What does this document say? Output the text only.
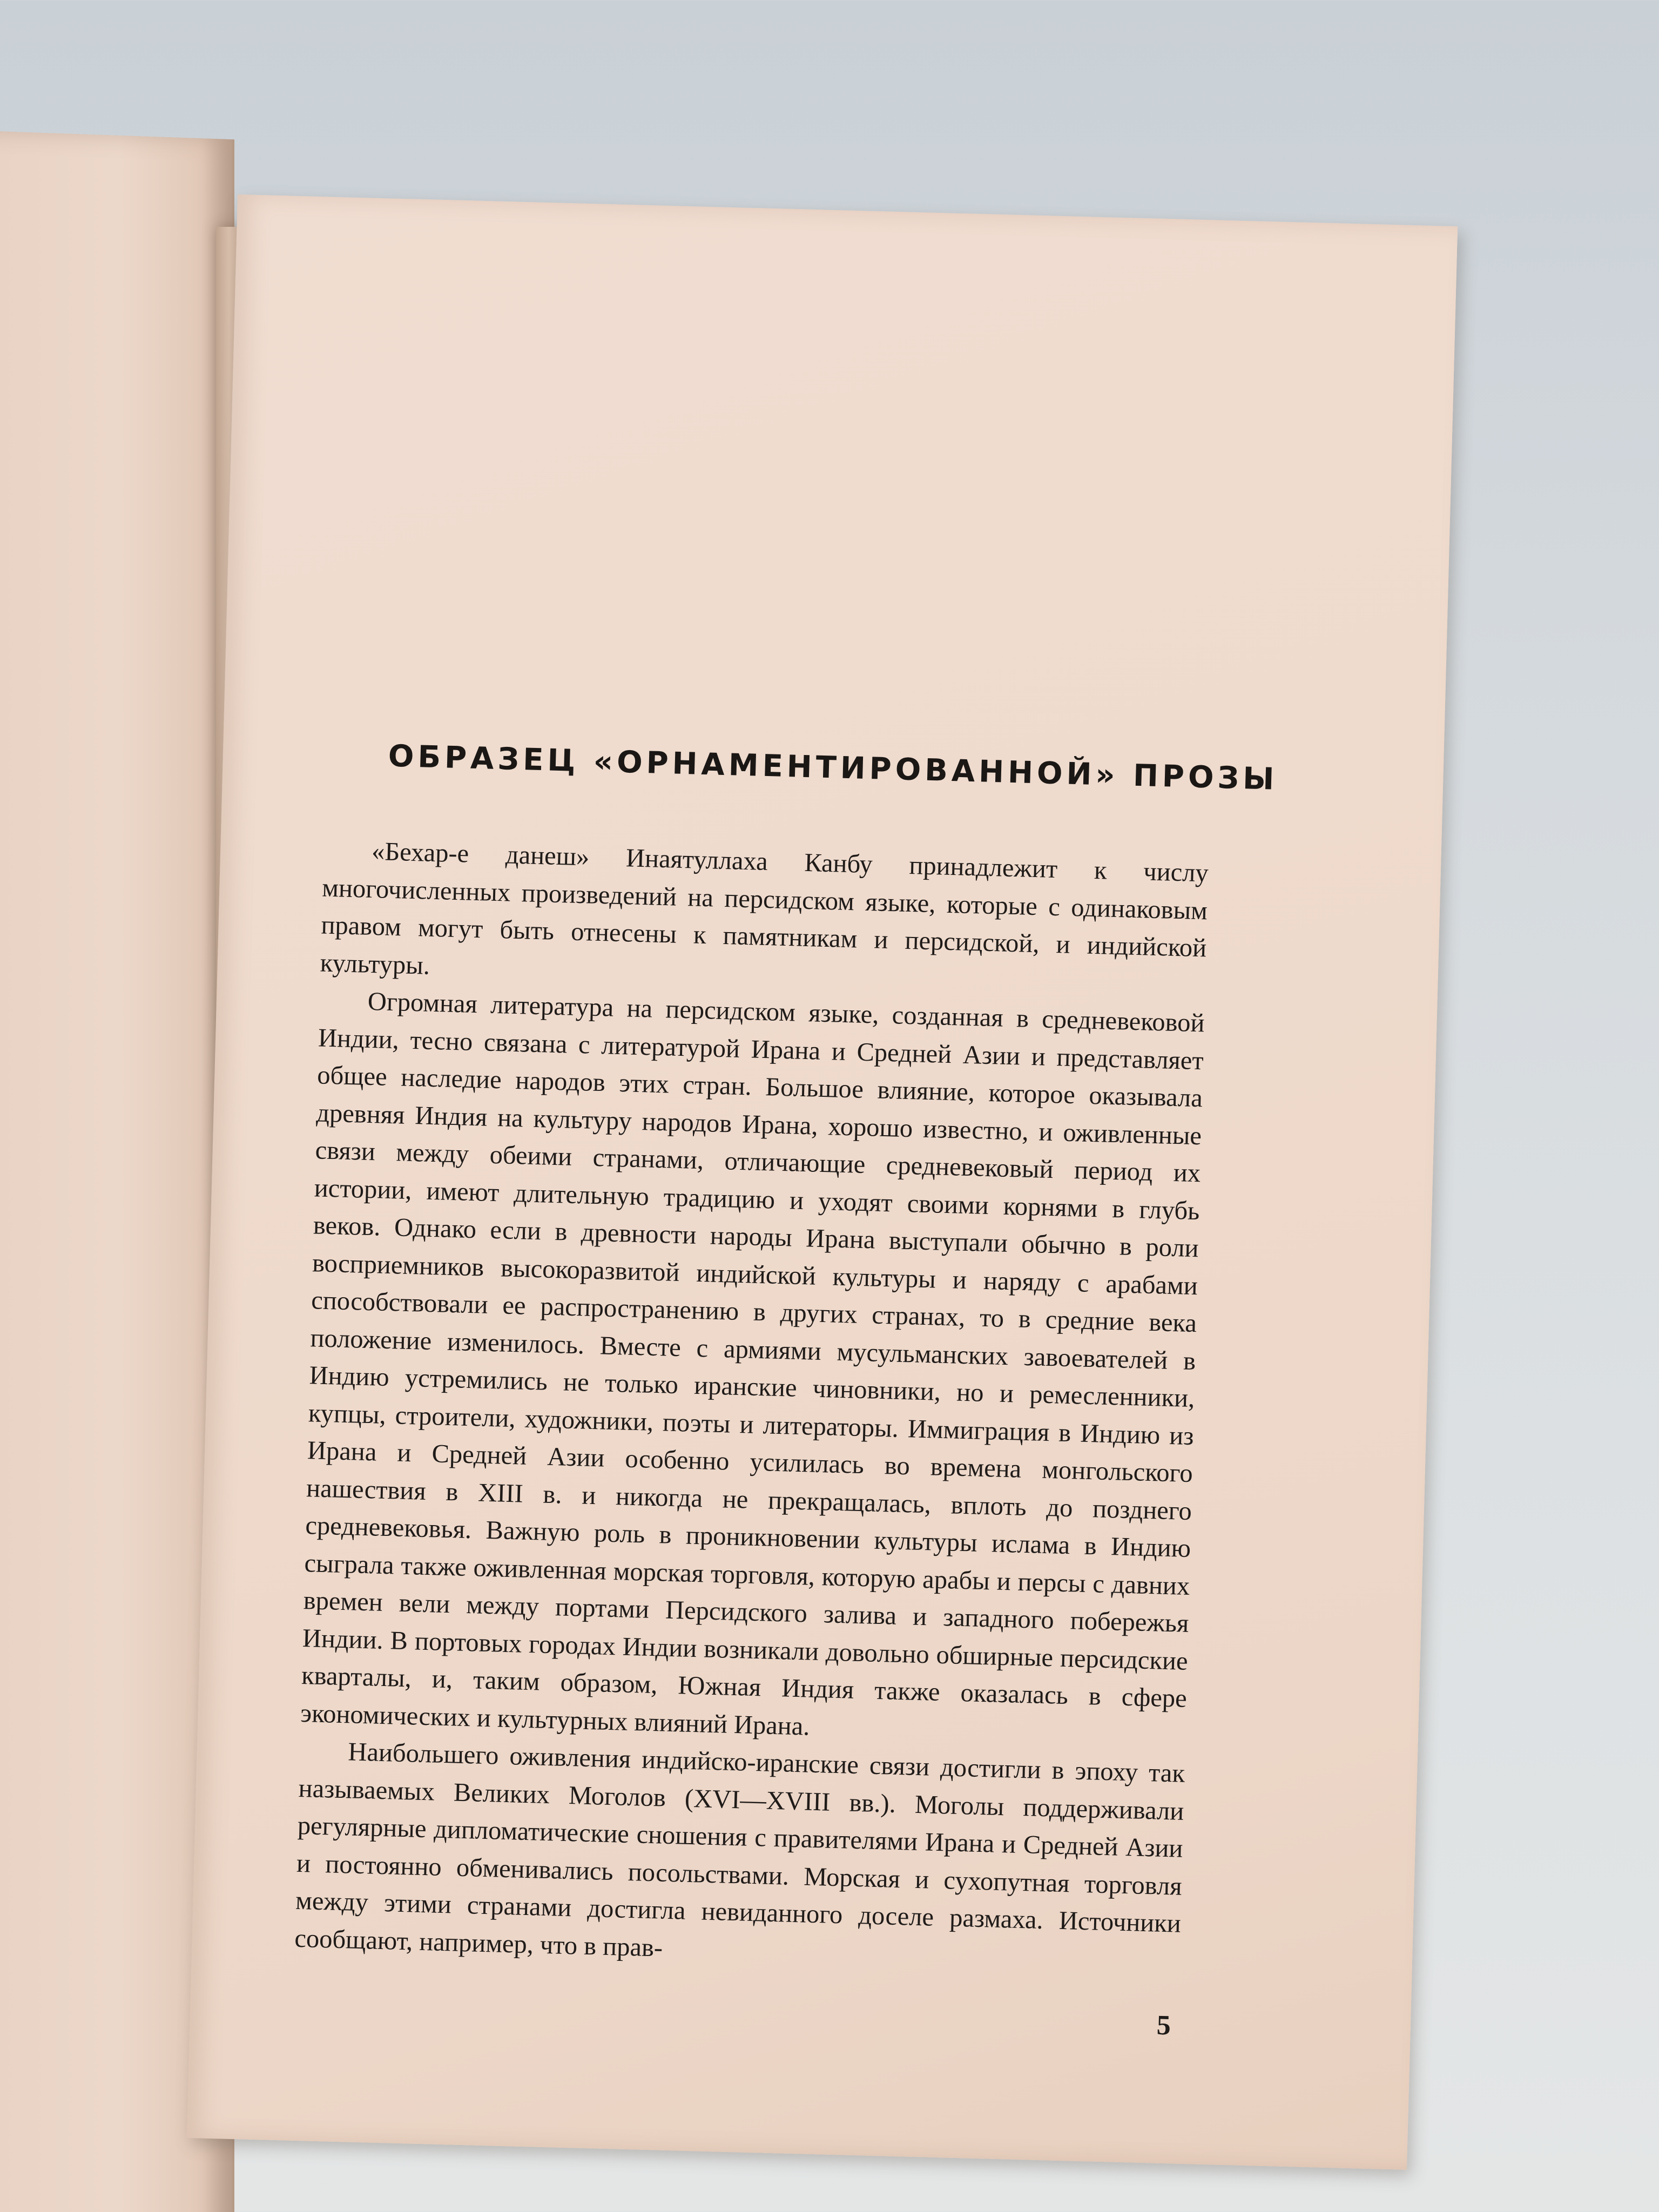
ОБРАЗЕЦ «ОРНАМЕНТИРОВАННОЙ» ПРОЗЫ

«Бехар-е данеш» Инаятуллаха Канбу принадлежит к числу многочисленных произведений на персидском языке, которые с одинаковым правом могут быть отнесены к памятникам и персидской, и индийской культуры.

Огромная литература на персидском языке, созданная в средневековой Индии, тесно связана с литературой Ирана и Средней Азии и представляет общее наследие народов этих стран. Большое влияние, которое оказывала древняя Индия на культуру народов Ирана, хорошо известно, и оживленные связи между обеими странами, отличающие средневековый период их истории, имеют длительную традицию и уходят своими корнями в глубь веков. Однако если в древности народы Ирана выступали обычно в роли восприемников высокоразвитой индийской культуры и наряду с арабами способствовали ее распространению в других странах, то в средние века положение изменилось. Вместе с армиями мусульманских завоевателей в Индию устремились не только иранские чиновники, но и ремесленники, купцы, строители, художники, поэты и литераторы. Иммиграция в Индию из Ирана и Средней Азии особенно усилилась во времена монгольского нашествия в XIII в. и никогда не прекращалась, вплоть до позднего средневековья. Важную роль в проникновении культуры ислама в Индию сыграла также оживленная морская торговля, которую арабы и персы с давних времен вели между портами Персидского залива и западного побережья Индии. В портовых городах Индии возникали довольно обширные персидские кварталы, и, таким образом, Южная Индия также оказалась в сфере экономических и культурных влияний Ирана.

Наибольшего оживления индийско-иранские связи достигли в эпоху так называемых Великих Моголов (XVI—XVIII вв.). Моголы поддерживали регулярные дипломатические сношения с правителями Ирана и Средней Азии и постоянно обменивались посольствами. Морская и сухопутная торговля между этими странами достигла невиданного доселе размаха. Источники сообщают, например, что в прав-

5
